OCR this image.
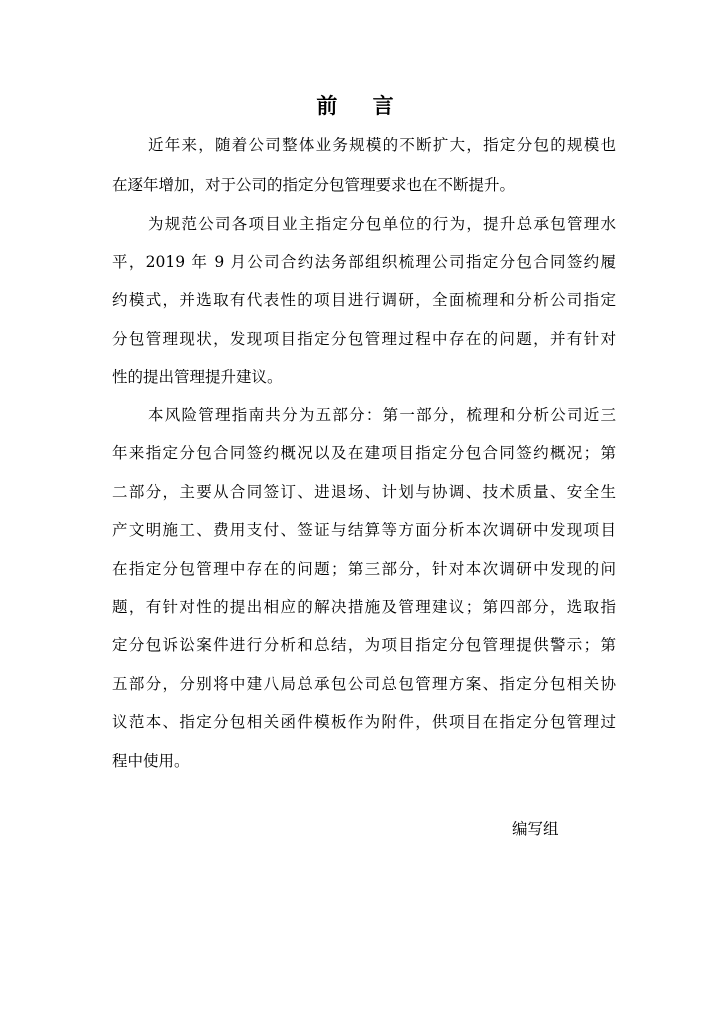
前 言
近年来，随着公司整体业务规模的不断扩大，指定分包的规模也
在逐年增加，对于公司的指定分包管理要求也在不断提升。
为规范公司各项目业主指定分包单位的行为，提升总承包管理水
平，2019 年 9 月公司合约法务部组织梳理公司指定分包合同签约履
约模式，并选取有代表性的项目进行调研，全面梳理和分析公司指定
分包管理现状，发现项目指定分包管理过程中存在的问题，并有针对
性的提出管理提升建议。
本风险管理指南共分为五部分：第一部分，梳理和分析公司近三
年来指定分包合同签约概况以及在建项目指定分包合同签约概况；第
二部分，主要从合同签订、进退场、计划与协调、技术质量、安全生
产文明施工、费用支付、签证与结算等方面分析本次调研中发现项目
在指定分包管理中存在的问题；第三部分，针对本次调研中发现的问
题，有针对性的提出相应的解决措施及管理建议；第四部分，选取指
定分包诉讼案件进行分析和总结，为项目指定分包管理提供警示；第
五部分，分别将中建八局总承包公司总包管理方案、指定分包相关协
议范本、指定分包相关函件模板作为附件，供项目在指定分包管理过
程中使用。
编写组
